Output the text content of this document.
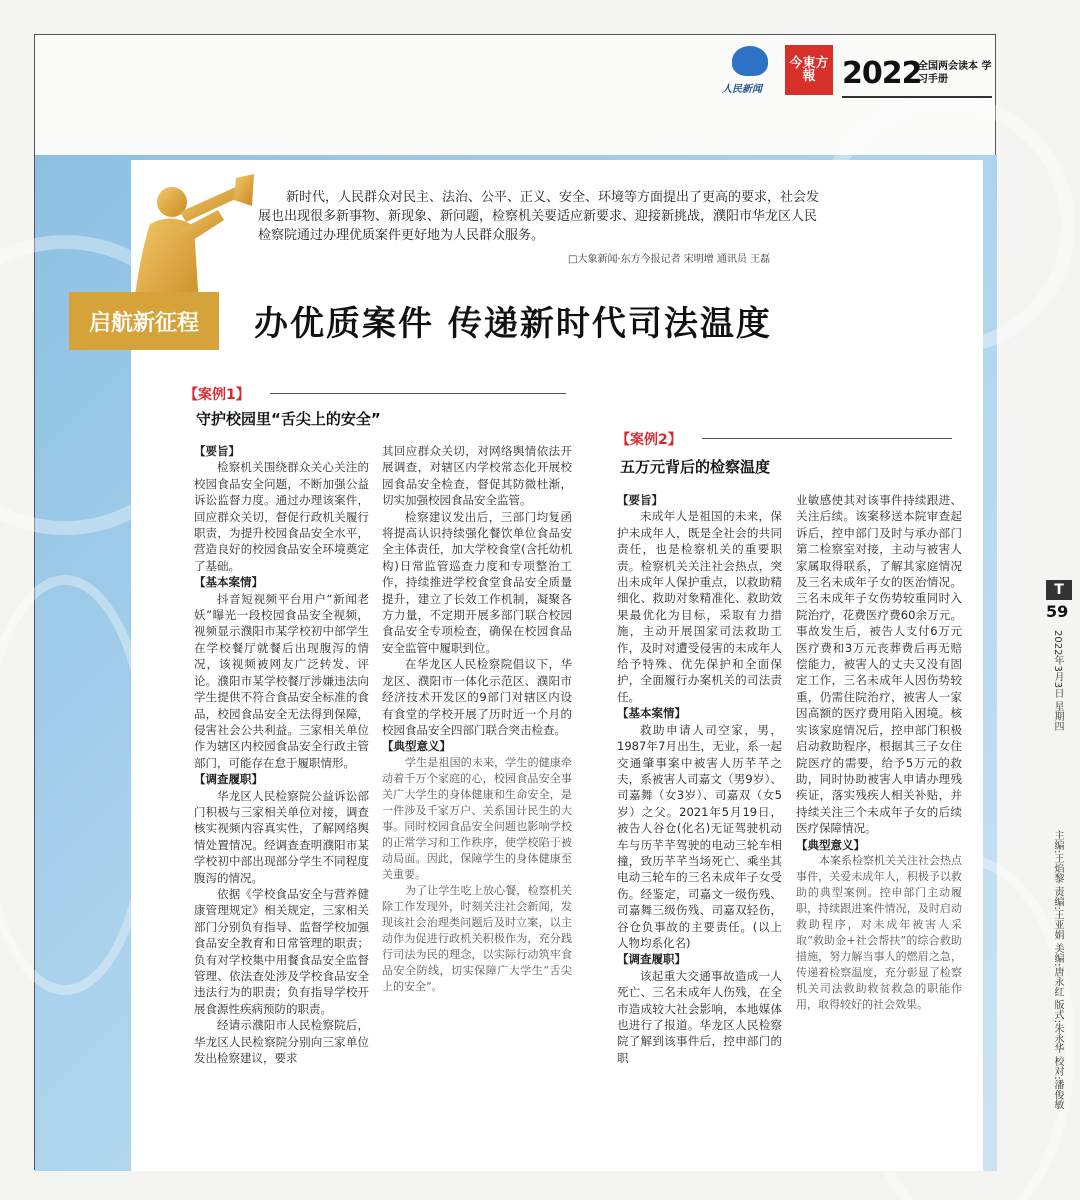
人民新闻
今東方報 2022
全国两会读本 学习手册
启航新征程
新时代，人民群众对民主、法治、公平、正义、安全、环境等方面提出了更高的要求，社会发展也出现很多新事物、新现象、新问题，检察机关要适应新要求、迎接新挑战，濮阳市华龙区人民检察院通过办理优质案件更好地为人民群众服务。
□大象新闻·东方今报记者 宋明增 通讯员 王磊
办优质案件 传递新时代司法温度
【案例1】
守护校园里“舌尖上的安全”

【要旨】

检察机关围绕群众关心关注的校园食品安全问题，不断加强公益诉讼监督力度。通过办理该案件，回应群众关切，督促行政机关履行职责，为提升校园食品安全水平，营造良好的校园食品安全环境奠定了基础。

【基本案情】

抖音短视频平台用户“新闻老妖”曝光一段校园食品安全视频，视频显示濮阳市某学校初中部学生在学校餐厅就餐后出现腹泻的情况，该视频被网友广泛转发、评论。濮阳市某学校餐厅涉嫌违法向学生提供不符合食品安全标准的食品，校园食品安全无法得到保障，侵害社会公共利益。三家相关单位作为辖区内校园食品安全行政主管部门，可能存在怠于履职情形。

【调查履职】

华龙区人民检察院公益诉讼部门积极与三家相关单位对接，调查核实视频内容真实性，了解网络舆情处置情况。经调查查明濮阳市某学校初中部出现部分学生不同程度腹泻的情况。

依据《学校食品安全与营养健康管理规定》相关规定，三家相关部门分别负有指导、监督学校加强食品安全教育和日常管理的职责；负有对学校集中用餐食品安全监督管理、依法查处涉及学校食品安全违法行为的职责；负有指导学校开展食源性疾病预防的职责。

经请示濮阳市人民检察院后，华龙区人民检察院分别向三家单位发出检察建议，要求

其回应群众关切，对网络舆情依法开展调查，对辖区内学校常态化开展校园食品安全检查，督促其防微杜渐，切实加强校园食品安全监管。

检察建议发出后，三部门均复函将提高认识持续强化餐饮单位食品安全主体责任，加大学校食堂(含托幼机构)日常监管巡查力度和专项整治工作，持续推进学校食堂食品安全质量提升，建立了长效工作机制，凝聚各方力量，不定期开展多部门联合校园食品安全专项检查，确保在校园食品安全监管中履职到位。

在华龙区人民检察院倡议下，华龙区、濮阳市一体化示范区、濮阳市经济技术开发区的9部门对辖区内设有食堂的学校开展了历时近一个月的校园食品安全四部门联合突击检查。

【典型意义】

学生是祖国的未来，学生的健康牵动着千万个家庭的心，校园食品安全事关广大学生的身体健康和生命安全，是一件涉及千家万户、关系国计民生的大事。同时校园食品安全问题也影响学校的正常学习和工作秩序，使学校陷于被动局面。因此，保障学生的身体健康至关重要。

为了让学生吃上放心餐，检察机关除工作发现外，时刻关注社会新闻，发现该社会治理类问题后及时立案，以主动作为促进行政机关积极作为，充分践行司法为民的理念，以实际行动筑牢食品安全防线，切实保障广大学生“舌尖上的安全”。

【案例2】
五万元背后的检察温度

【要旨】

未成年人是祖国的未来，保护未成年人，既是全社会的共同责任，也是检察机关的重要职责。检察机关关注社会热点，突出未成年人保护重点，以救助精细化、救助对象精准化、救助效果最优化为目标，采取有力措施，主动开展国家司法救助工作，及时对遭受侵害的未成年人给予特殊、优先保护和全面保护，全面履行办案机关的司法责任。

【基本案情】

救助申请人司空家，男，1987年7月出生，无业，系一起交通肇事案中被害人历芊芊之夫，系被害人司嘉文（男9岁）、司嘉舞（女3岁）、司嘉双（女5岁）之父。2021年5月19日，被告人谷仓(化名)无证驾驶机动车与历芊芊驾驶的电动三轮车相撞，致历芊芊当场死亡、乘坐其电动三轮车的三名未成年子女受伤。经鉴定，司嘉文一级伤残、司嘉舞三级伤残、司嘉双轻伤，谷仓负事故的主要责任。(以上人物均系化名)

【调查履职】

该起重大交通事故造成一人死亡、三名未成年人伤残，在全市造成较大社会影响，本地媒体也进行了报道。华龙区人民检察院了解到该事件后，控申部门的职

业敏感使其对该事件持续跟进、关注后续。该案移送本院审查起诉后，控申部门及时与承办部门第二检察室对接，主动与被害人家属取得联系，了解其家庭情况及三名未成年子女的医治情况。三名未成年子女伤势较重同时入院治疗，花费医疗费60余万元。事故发生后，被告人支付6万元医疗费和3万元丧葬费后再无赔偿能力，被害人的丈夫又没有固定工作，三名未成年人因伤势较重，仍需住院治疗，被害人一家因高额的医疗费用陷入困境。核实该家庭情况后，控申部门积极启动救助程序，根据其三子女住院医疗的需要，给予5万元的救助，同时协助被害人申请办理残疾证，落实残疾人相关补贴，并持续关注三个未成年子女的后续医疗保障情况。

【典型意义】

本案系检察机关关注社会热点事件，关爱未成年人，积极予以救助的典型案例。控申部门主动履职，持续跟进案件情况，及时启动救助程序，对未成年被害人采取“救助金+社会帮扶”的综合救助措施，努力解当事人的燃眉之急，传递着检察温度，充分彰显了检察机关司法救助救贫救急的职能作用，取得较好的社会效果。

T
59
2022年3月3日 星期四
主编:王焰黎 责编:王亚娟 美编:唐永红 版式:朱永华 校对:潘俊敏
